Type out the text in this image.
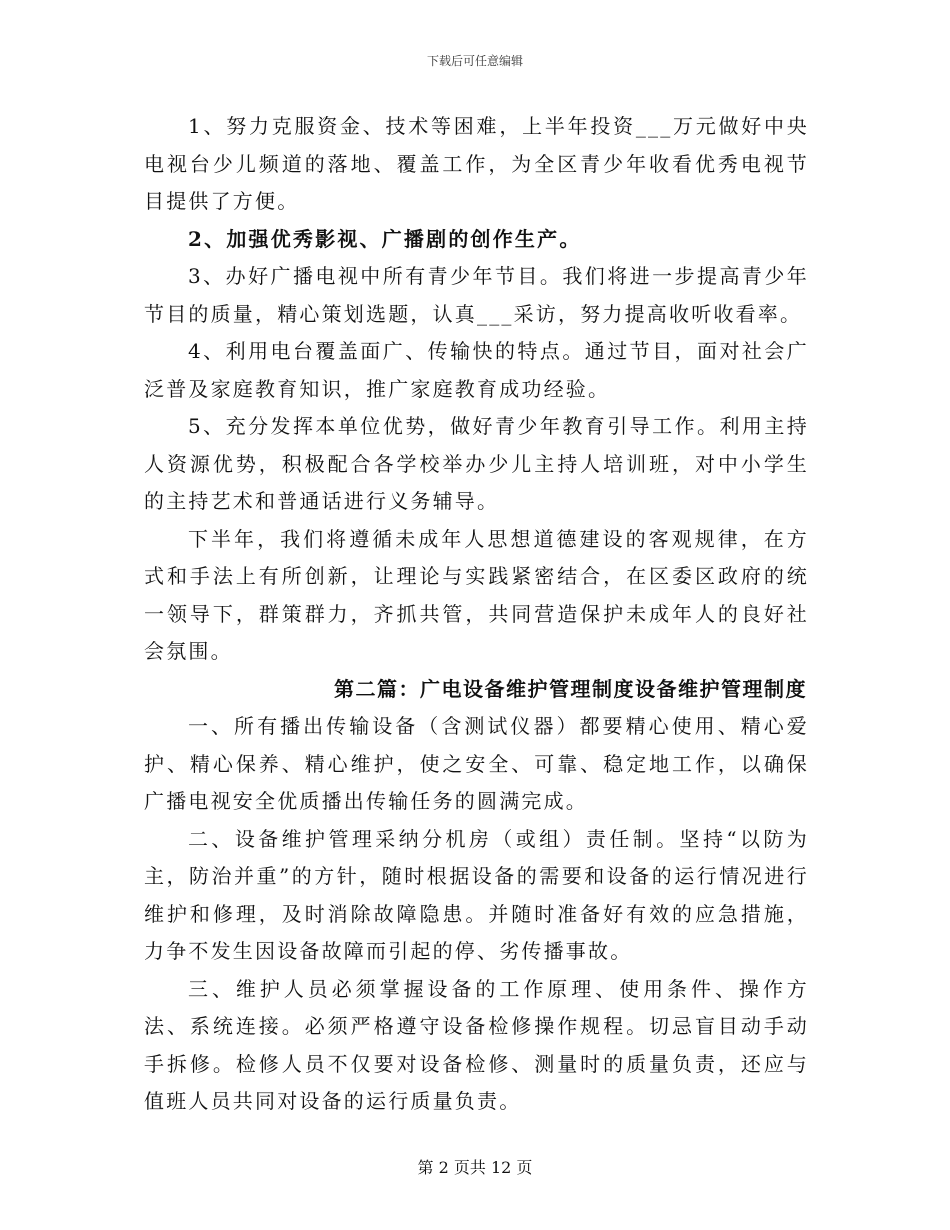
下载后可任意编辑

1、努力克服资金、技术等困难，上半年投资___万元做好中央电视台少儿频道的落地、覆盖工作，为全区青少年收看优秀电视节目提供了方便。

2、加强优秀影视、广播剧的创作生产。

3、办好广播电视中所有青少年节目。我们将进一步提高青少年节目的质量，精心策划选题，认真___采访，努力提高收听收看率。

4、利用电台覆盖面广、传输快的特点。通过节目，面对社会广泛普及家庭教育知识，推广家庭教育成功经验。

5、充分发挥本单位优势，做好青少年教育引导工作。利用主持人资源优势，积极配合各学校举办少儿主持人培训班，对中小学生的主持艺术和普通话进行义务辅导。

下半年，我们将遵循未成年人思想道德建设的客观规律，在方式和手法上有所创新，让理论与实践紧密结合，在区委区政府的统一领导下，群策群力，齐抓共管，共同营造保护未成年人的良好社会氛围。

第二篇：广电设备维护管理制度设备维护管理制度

一、所有播出传输设备（含测试仪器）都要精心使用、精心爱护、精心保养、精心维护，使之安全、可靠、稳定地工作，以确保广播电视安全优质播出传输任务的圆满完成。

二、设备维护管理采纳分机房（或组）责任制。坚持“以防为主，防治并重”的方针，随时根据设备的需要和设备的运行情况进行维护和修理，及时消除故障隐患。并随时准备好有效的应急措施，力争不发生因设备故障而引起的停、劣传播事故。

三、维护人员必须掌握设备的工作原理、使用条件、操作方法、系统连接。必须严格遵守设备检修操作规程。切忌盲目动手动手拆修。检修人员不仅要对设备检修、测量时的质量负责，还应与值班人员共同对设备的运行质量负责。

第 2 页共 12 页
